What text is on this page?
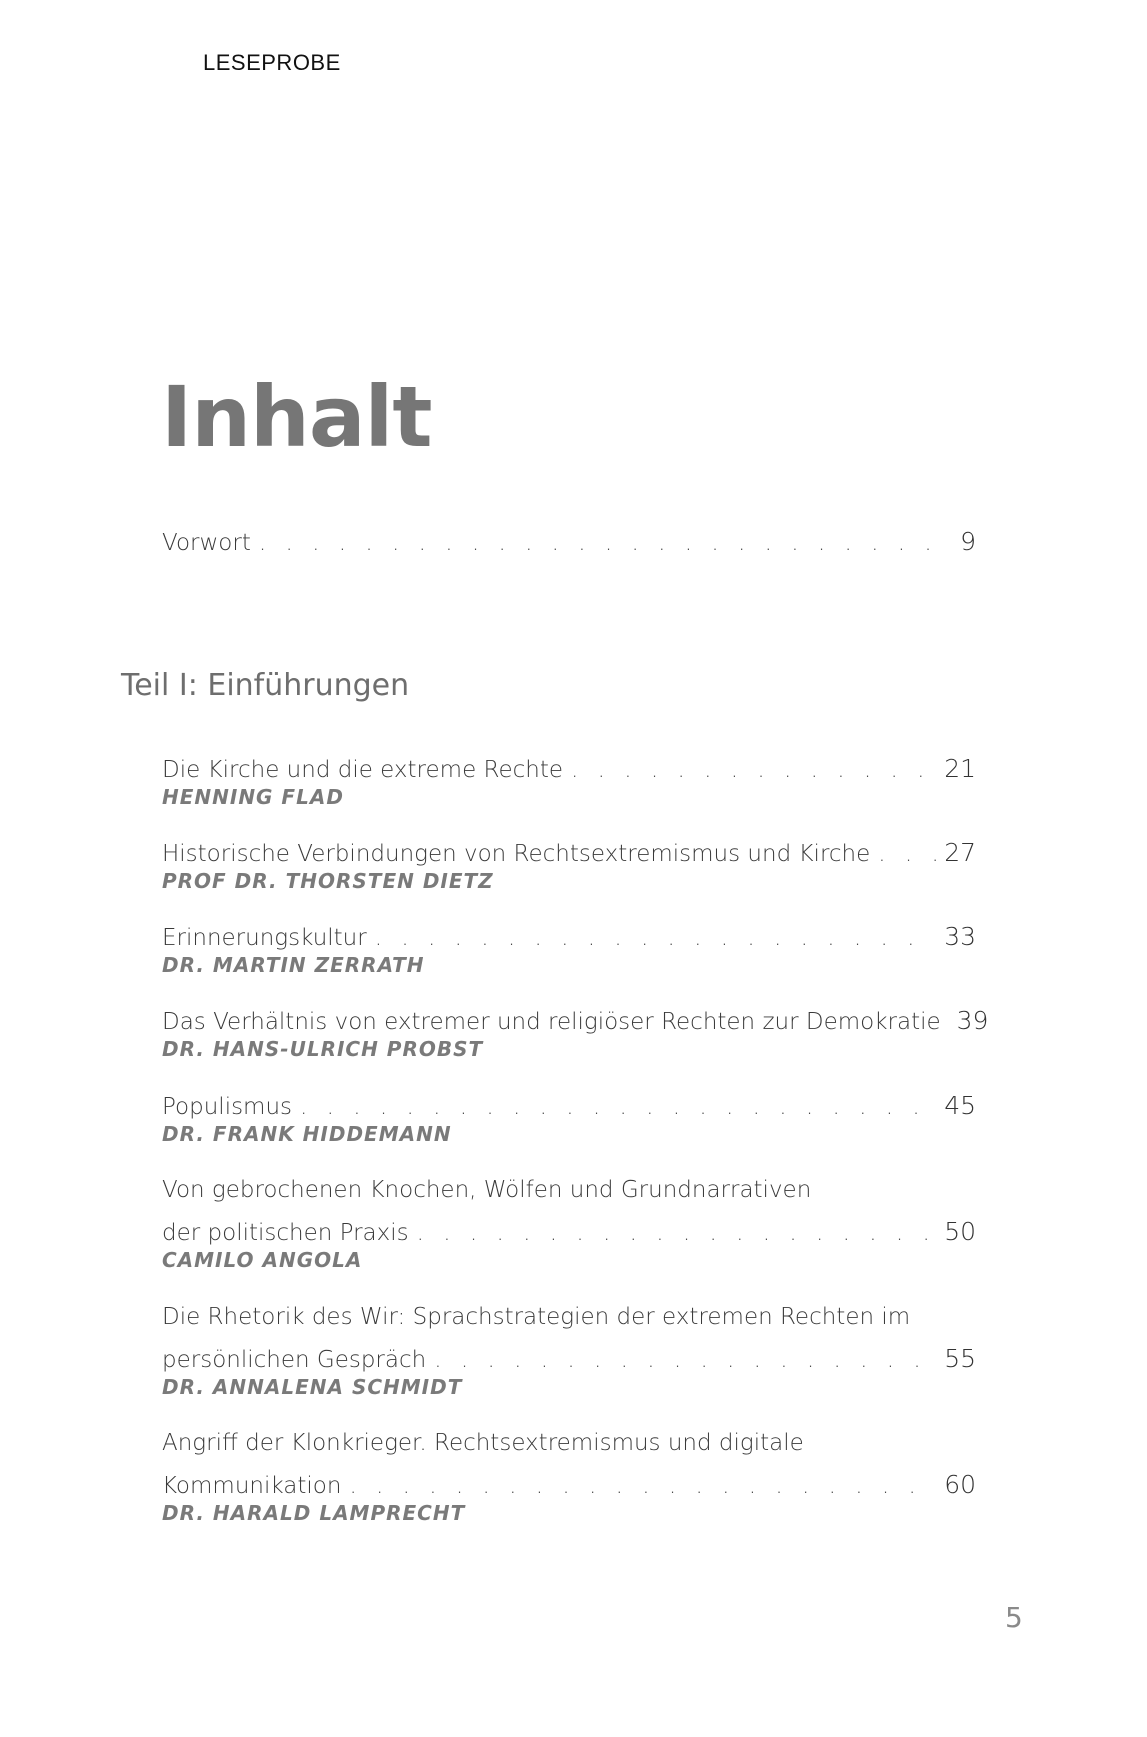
LESEPROBE
Inhalt
Vorwort . . .	9
Teil I: Einführungen
Die Kirche und die extreme Rechte . . .	21
HENNING FLAD
Historische Verbindungen von Rechtsextremismus und Kirche . . .	27
PROF DR. THORSTEN DIETZ
Erinnerungskultur . . .	33
DR. MARTIN ZERRATH
Das Verhältnis von extremer und religiöser Rechten zur Demokratie 39
DR. HANS-ULRICH PROBST
Populismus . . .	45
DR. FRANK HIDDEMANN
Von gebrochenen Knochen, Wölfen und Grundnarrativen
der politischen Praxis . . .	50
CAMILO ANGOLA
Die Rhetorik des Wir: Sprachstrategien der extremen Rechten im
persönlichen Gespräch . . .	55
DR. ANNALENA SCHMIDT
Angriff der Klonkrieger. Rechtsextremismus und digitale
Kommunikation . . .	60
DR. HARALD LAMPRECHT
5
